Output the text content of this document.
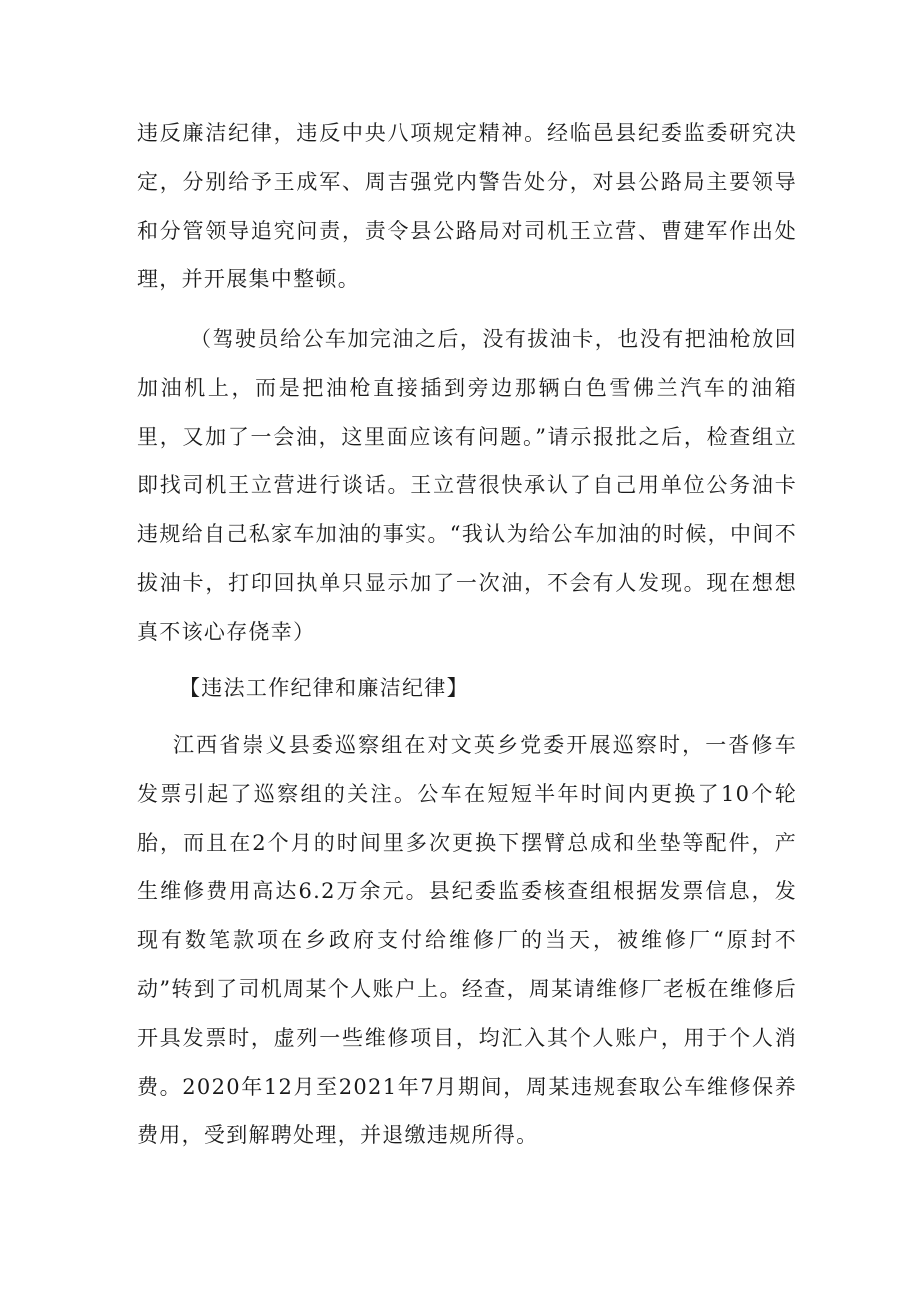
违反廉洁纪律，违反中央八项规定精神。经临邑县纪委监委研究决定，分别给予王成军、周吉强党内警告处分，对县公路局主要领导和分管领导追究问责，责令县公路局对司机王立营、曹建军作出处理，并开展集中整顿。

（驾驶员给公车加完油之后，没有拔油卡，也没有把油枪放回加油机上，而是把油枪直接插到旁边那辆白色雪佛兰汽车的油箱里，又加了一会油，这里面应该有问题。”请示报批之后，检查组立即找司机王立营进行谈话。王立营很快承认了自己用单位公务油卡违规给自己私家车加油的事实。“我认为给公车加油的时候，中间不拔油卡，打印回执单只显示加了一次油，不会有人发现。现在想想真不该心存侥幸）

【违法工作纪律和廉洁纪律】

江西省崇义县委巡察组在对文英乡党委开展巡察时，一沓修车发票引起了巡察组的关注。公车在短短半年时间内更换了10个轮胎，而且在2个月的时间里多次更换下摆臂总成和坐垫等配件，产生维修费用高达6.2万余元。县纪委监委核查组根据发票信息，发现有数笔款项在乡政府支付给维修厂的当天，被维修厂“原封不动”转到了司机周某个人账户上。经查，周某请维修厂老板在维修后开具发票时，虚列一些维修项目，均汇入其个人账户，用于个人消费。2020年12月至2021年7月期间，周某违规套取公车维修保养费用，受到解聘处理，并退缴违规所得。
